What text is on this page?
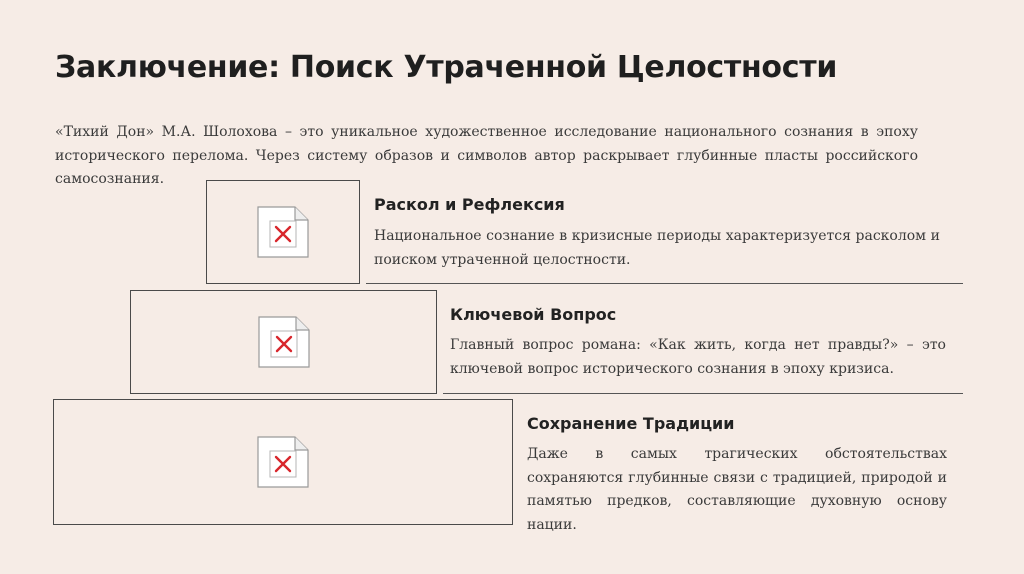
Заключение: Поиск Утраченной Целостности

«Тихий Дон» М.А. Шолохова – это уникальное художественное исследование национального сознания в эпоху исторического перелома. Через систему образов и символов автор раскрывает глубинные пласты российского самосознания.

Раскол и Рефлексия

Национальное сознание в кризисные периоды характеризуется расколом и поиском утраченной целостности.

Ключевой Вопрос

Главный вопрос романа: «Как жить, когда нет правды?» – это ключевой вопрос исторического сознания в эпоху кризиса.

Сохранение Традиции

Даже в самых трагических обстоятельствах сохраняются глубинные связи с традицией, природой и памятью предков, составляющие духовную основу нации.
